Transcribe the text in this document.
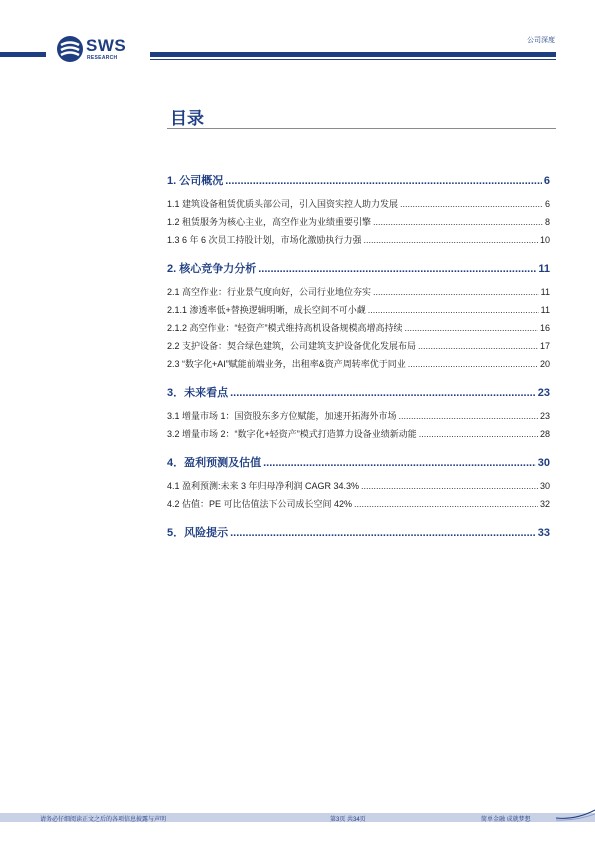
SWS
RESEARCH
公司深度
目录
1. 公司概况 .....	6
1.1 建筑设备租赁优质头部公司，引入国资实控人助力发展 .....	6
1.2 租赁服务为核心主业，高空作业为业绩重要引擎 .....	8
1.3 6 年 6 次员工持股计划，市场化激励执行力强 .....	10
2. 核心竞争力分析 .....	11
2.1 高空作业：行业景气度向好，公司行业地位夯实 .....	11
2.1.1 渗透率低+替换逻辑明晰，成长空间不可小觑 .....	11
2.1.2 高空作业：“轻资产”模式维持高机设备规模高增高持续 .....	16
2.2 支护设备：契合绿色建筑，公司建筑支护设备优化发展布局 .....	17
2.3 “数字化+AI”赋能前端业务，出租率&资产周转率优于同业 .....	20
3．未来看点 .....	23
3.1 增量市场 1：国资股东多方位赋能，加速开拓海外市场 .....	23
3.2 增量市场 2：“数字化+轻资产”模式打造算力设备业绩新动能 .....	28
4．盈利预测及估值 .....	30
4.1 盈利预测:未来 3 年归母净利润 CAGR 34.3% .....	30
4.2 估值：PE 可比估值法下公司成长空间 42% .....	32
5．风险提示 .....	33
请务必仔细阅读正文之后的各项信息披露与声明	第3页 共34页	简单金融 成就梦想
